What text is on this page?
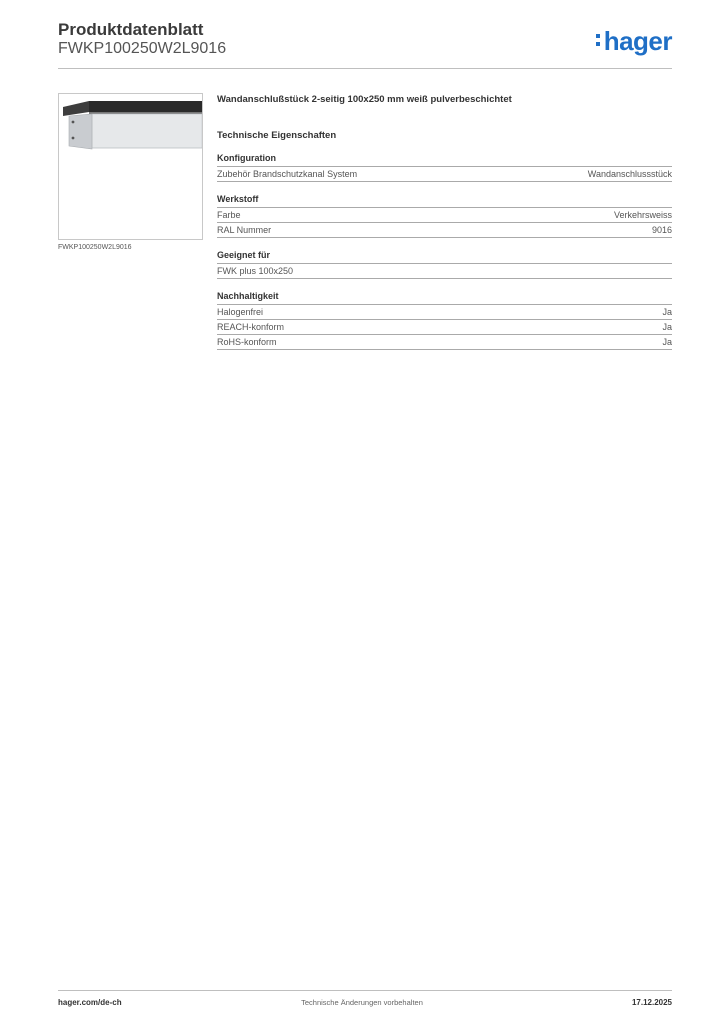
Produktdatenblatt
FWKP100250W2L9016	hager
FWKP100250W2L9016
Wandanschlußstück 2-seitig 100x250 mm weiß pulverbeschichtet
Technische Eigenschaften
Konfiguration
Zubehör Brandschutzkanal System	Wandanschlussstück
Werkstoff
Farbe	Verkehrsweiss
RAL Nummer	9016
Geeignet für
FWK plus 100x250
Nachhaltigkeit
Halogenfrei	Ja
REACH-konform	Ja
RoHS-konform	Ja
hager.com/de-ch	Technische Änderungen vorbehalten	17.12.2025
